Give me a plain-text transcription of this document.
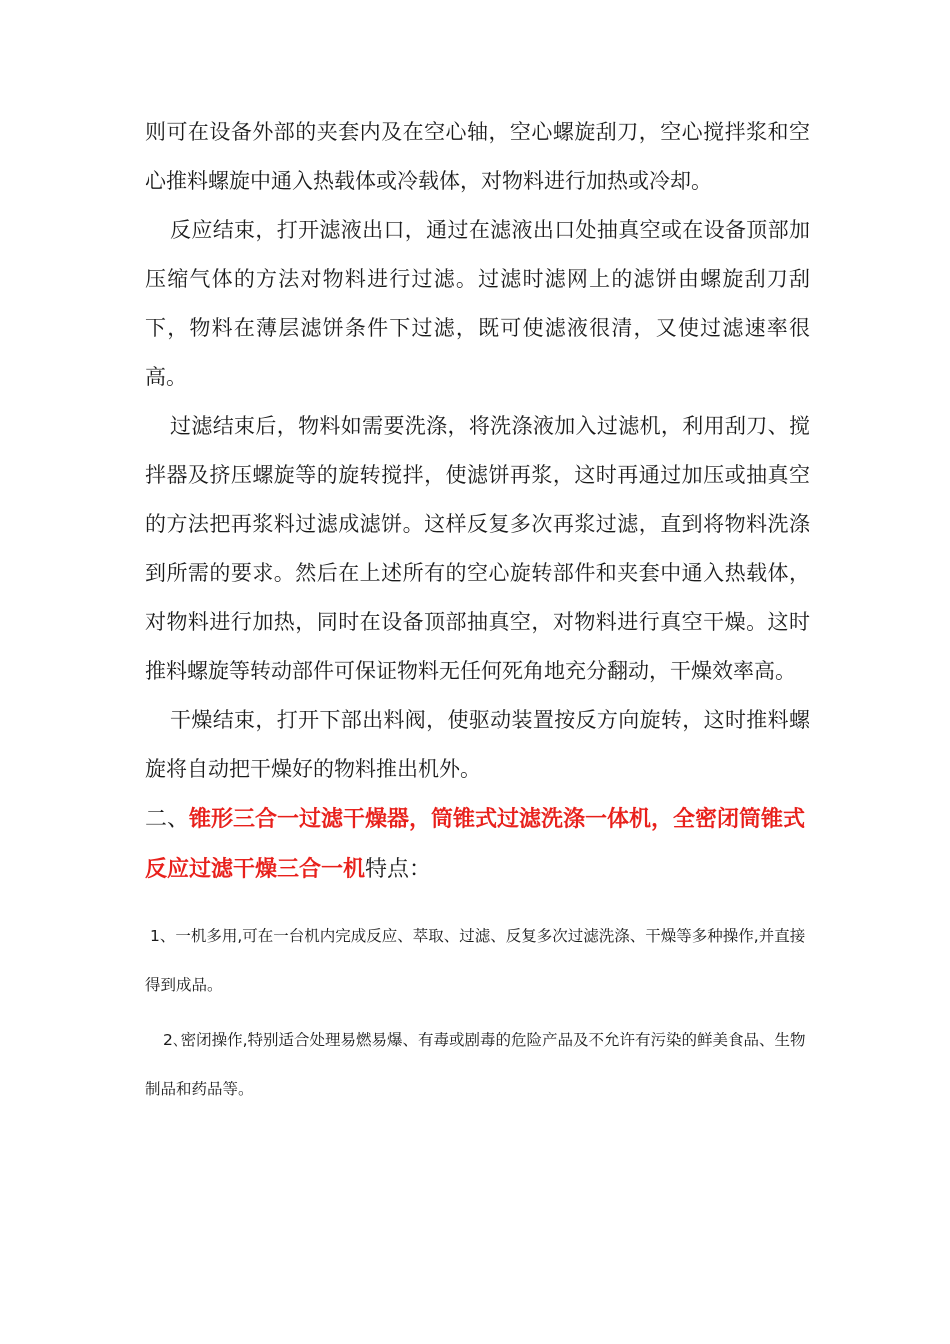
则可在设备外部的夹套内及在空心轴，空心螺旋刮刀，空心搅拌浆和空心推料螺旋中通入热载体或冷载体，对物料进行加热或冷却。

反应结束，打开滤液出口，通过在滤液出口处抽真空或在设备顶部加压缩气体的方法对物料进行过滤。过滤时滤网上的滤饼由螺旋刮刀刮下，物料在薄层滤饼条件下过滤，既可使滤液很清，又使过滤速率很高。

过滤结束后，物料如需要洗涤，将洗涤液加入过滤机，利用刮刀、搅拌器及挤压螺旋等的旋转搅拌，使滤饼再浆，这时再通过加压或抽真空的方法把再浆料过滤成滤饼。这样反复多次再浆过滤，直到将物料洗涤到所需的要求。然后在上述所有的空心旋转部件和夹套中通入热载体，对物料进行加热，同时在设备顶部抽真空，对物料进行真空干燥。这时推料螺旋等转动部件可保证物料无任何死角地充分翻动，干燥效率高。

干燥结束，打开下部出料阀，使驱动装置按反方向旋转，这时推料螺旋将自动把干燥好的物料推出机外。

二、锥形三合一过滤干燥器，筒锥式过滤洗涤一体机，全密闭筒锥式反应过滤干燥三合一机特点：

1、一机多用,可在一台机内完成反应、萃取、过滤、反复多次过滤洗涤、干燥等多种操作,并直接得到成品。

2､密闭操作,特别适合处理易燃易爆、有毒或剧毒的危险产品及不允许有污染的鲜美食品、生物制品和药品等。
